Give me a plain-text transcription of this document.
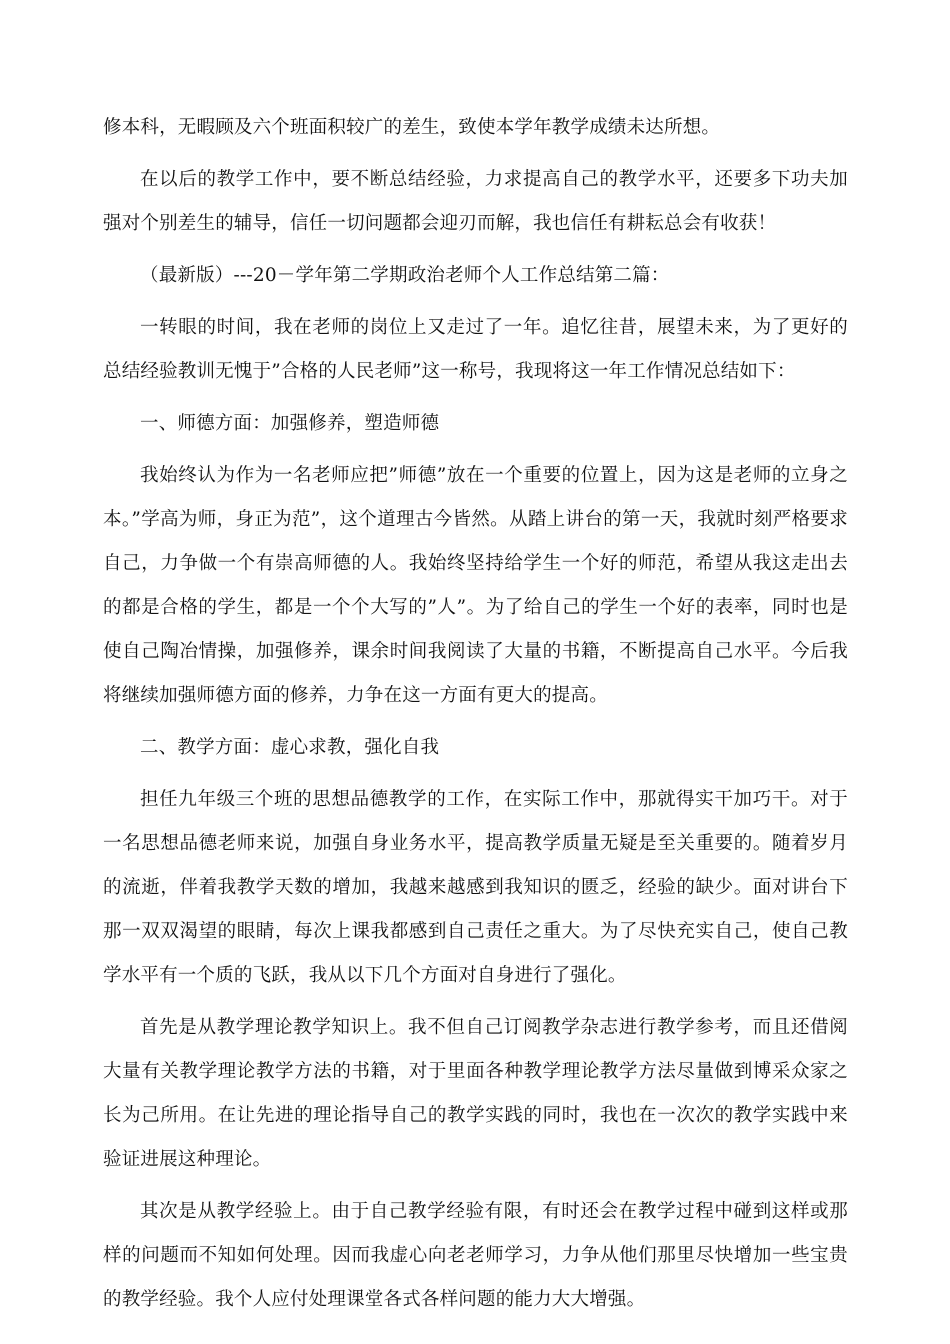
修本科，无暇顾及六个班面积较广的差生，致使本学年教学成绩未达所想。

在以后的教学工作中，要不断总结经验，力求提高自己的教学水平，还要多下功夫加强对个别差生的辅导，信任一切问题都会迎刃而解，我也信任有耕耘总会有收获！

（最新版）---20－学年第二学期政治老师个人工作总结第二篇：

一转眼的时间，我在老师的岗位上又走过了一年。追忆往昔，展望未来，为了更好的总结经验教训无愧于”合格的人民老师”这一称号，我现将这一年工作情况总结如下：

一、师德方面：加强修养，塑造师德

我始终认为作为一名老师应把”师德”放在一个重要的位置上，因为这是老师的立身之本。”学高为师，身正为范”，这个道理古今皆然。从踏上讲台的第一天，我就时刻严格要求自己，力争做一个有崇高师德的人。我始终坚持给学生一个好的师范，希望从我这走出去的都是合格的学生，都是一个个大写的”人”。为了给自己的学生一个好的表率，同时也是使自己陶冶情操，加强修养，课余时间我阅读了大量的书籍，不断提高自己水平。今后我将继续加强师德方面的修养，力争在这一方面有更大的提高。

二、教学方面：虚心求教，强化自我

担任九年级三个班的思想品德教学的工作，在实际工作中，那就得实干加巧干。对于一名思想品德老师来说，加强自身业务水平，提高教学质量无疑是至关重要的。随着岁月的流逝，伴着我教学天数的增加，我越来越感到我知识的匮乏，经验的缺少。面对讲台下那一双双渴望的眼睛，每次上课我都感到自己责任之重大。为了尽快充实自己，使自己教学水平有一个质的飞跃，我从以下几个方面对自身进行了强化。

首先是从教学理论教学知识上。我不但自己订阅教学杂志进行教学参考，而且还借阅大量有关教学理论教学方法的书籍，对于里面各种教学理论教学方法尽量做到博采众家之长为己所用。在让先进的理论指导自己的教学实践的同时，我也在一次次的教学实践中来验证进展这种理论。

其次是从教学经验上。由于自己教学经验有限，有时还会在教学过程中碰到这样或那样的问题而不知如何处理。因而我虚心向老老师学习，力争从他们那里尽快增加一些宝贵的教学经验。我个人应付处理课堂各式各样问题的能力大大增强。
